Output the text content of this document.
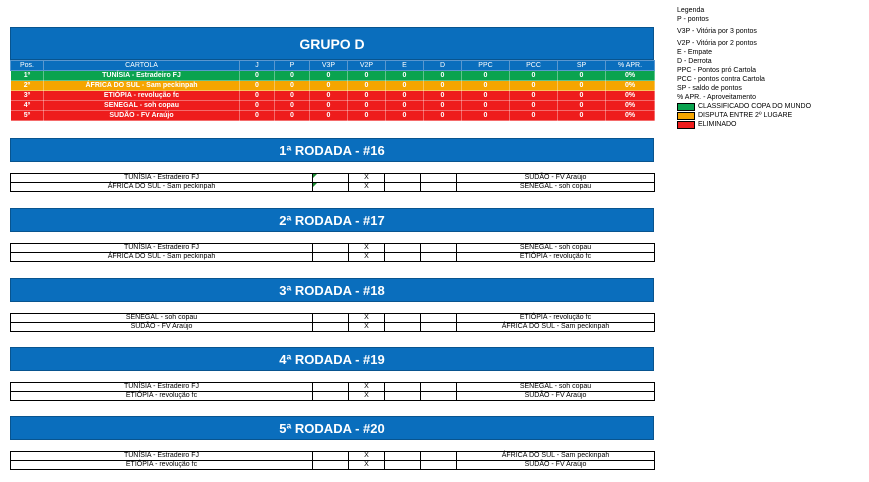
GRUPO D
Pos.	CARTOLA	J	P	V3P	V2P	E	D	PPC	PCC	SP	% APR.
1º	TUNÍSIA - Estradeiro FJ	0	0	0	0	0	0	0	0	0	0%
2º	ÁFRICA DO SUL - Sam peckinpah	0	0	0	0	0	0	0	0	0	0%
3º	ETIÓPIA - revolução fc	0	0	0	0	0	0	0	0	0	0%
4º	SENEGAL - soh copau	0	0	0	0	0	0	0	0	0	0%
5º	SUDÃO - FV Araújo	0	0	0	0	0	0	0	0	0	0%
1ª RODADA - #16
TUNÍSIA - Estradeiro FJ		X			SUDÃO - FV Araújo
ÁFRICA DO SUL - Sam peckinpah		X			SENEGAL - soh copau
2ª RODADA - #17
TUNÍSIA - Estradeiro FJ		X			SENEGAL - soh copau
ÁFRICA DO SUL - Sam peckinpah		X			ETIÓPIA - revolução fc
3ª RODADA - #18
SENEGAL - soh copau		X			ETIÓPIA - revolução fc
SUDÃO - FV Araújo		X			ÁFRICA DO SUL - Sam peckinpah
4ª RODADA - #19
TUNÍSIA - Estradeiro FJ		X			SENEGAL - soh copau
ETIÓPIA - revolução fc		X			SUDÃO - FV Araújo
5ª RODADA - #20
TUNÍSIA - Estradeiro FJ		X			ÁFRICA DO SUL - Sam peckinpah
ETIÓPIA - revolução fc		X			SUDÃO - FV Araújo
Legenda
P - pontos
V3P - Vitória por 3 pontos
V2P - Vitória por 2 pontos
E - Empate
D - Derrota
PPC - Pontos pró Cartola
PCC - pontos contra Cartola
SP - saldo de pontos
% APR. - Aproveitamento
CLASSIFICADO COPA DO MUNDO
DISPUTA ENTRE 2º LUGARE
ELIMINADO
